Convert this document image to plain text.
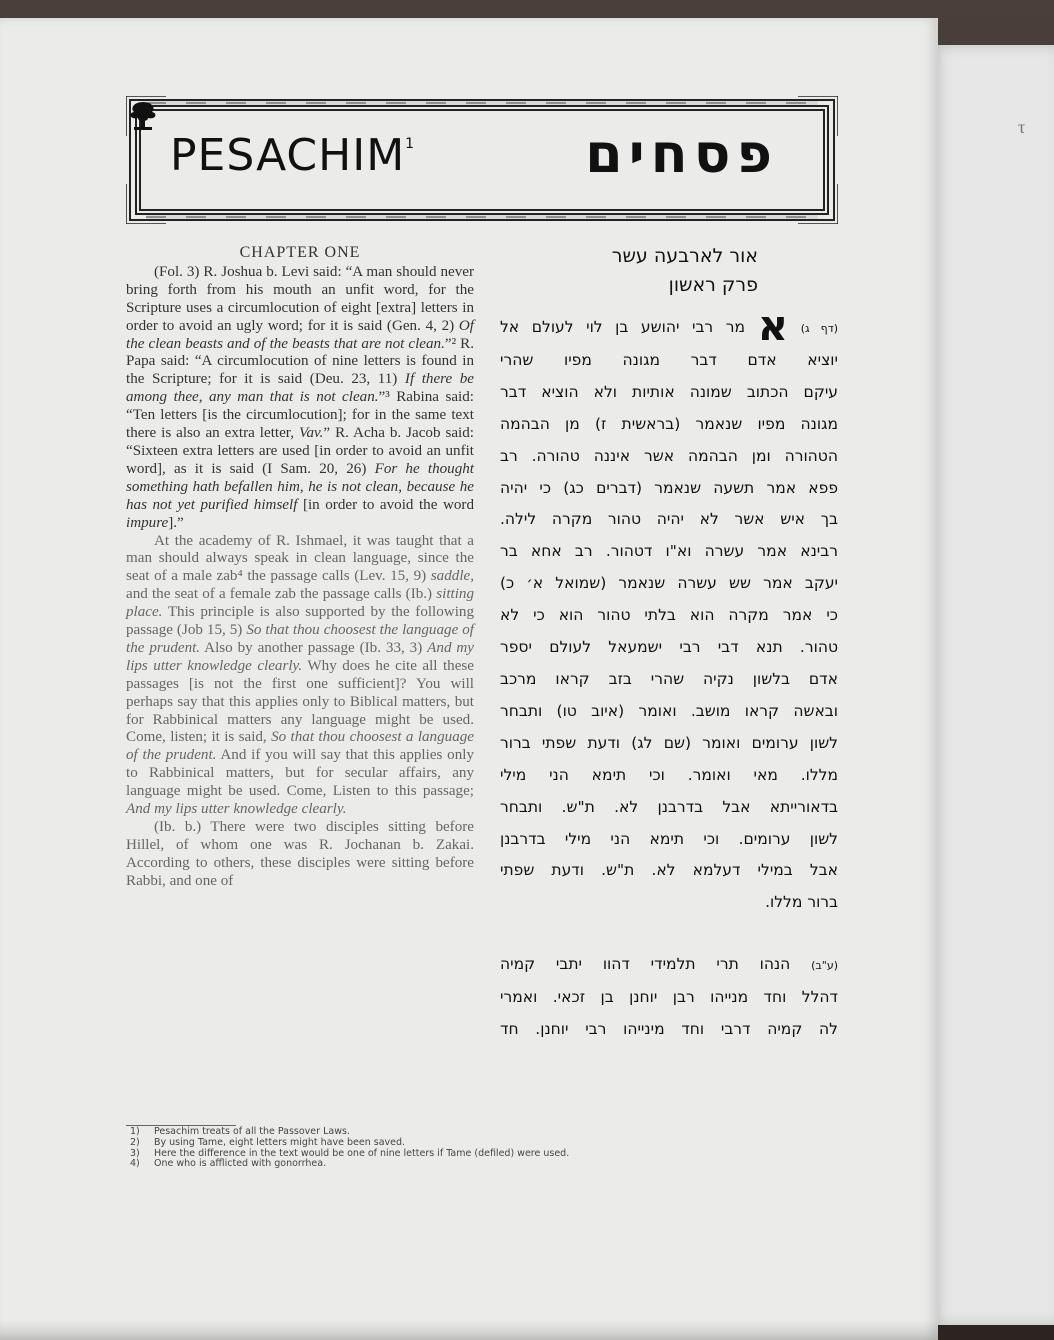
τ
PESACHIM$^1$	פסחים
CHAPTER ONE

(Fol. 3) R. Joshua b. Levi said: “A man should never bring forth from his mouth an unfit word, for the Scripture uses a circumlocution of eight [extra] letters in order to avoid an ugly word; for it is said (Gen. 4, 2) Of the clean beasts and of the beasts that are not clean.”² R. Papa said: “A circumlocution of nine letters is found in the Scripture; for it is said (Deu. 23, 11) If there be among thee, any man that is not clean.”³ Rabina said: “Ten letters [is the circumlocution]; for in the same text there is also an extra letter, Vav.” R. Acha b. Jacob said: “Sixteen extra letters are used [in order to avoid an unfit word], as it is said (I Sam. 20, 26) For he thought something hath befallen him, he is not clean, because he has not yet purified himself [in order to avoid the word impure].”

At the academy of R. Ishmael, it was taught that a man should always speak in clean language, since the seat of a male zab⁴ the passage calls (Lev. 15, 9) saddle, and the seat of a female zab the passage calls (Ib.) sitting place. This principle is also supported by the following passage (Job 15, 5) So that thou choosest the language of the prudent. Also by another passage (Ib. 33, 3) And my lips utter knowledge clearly. Why does he cite all these passages [is not the first one sufficient]? You will perhaps say that this applies only to Biblical matters, but for Rabbinical matters any language might be used. Come, listen; it is said, So that thou choosest a language of the prudent. And if you will say that this applies only to Rabbinical matters, but for secular affairs, any language might be used. Come, Listen to this passage; And my lips utter knowledge clearly.

(Ib. b.) There were two disciples sitting before Hillel, of whom one was R. Jochanan b. Zakai. According to others, these disciples were sitting before Rabbi, and one of

אור לארבעה עשר
פרק ראשון
(דף ג) א מר רבי יהושע בן לוי לעולם אל
יוציא אדם דבר מגונה מפיו שהרי
עיקם הכתוב שמונה אותיות ולא הוציא דבר
מגונה מפיו שנאמר (בראשית ז) מן הבהמה
הטהורה ומן הבהמה אשר איננה טהורה. רב
פפא אמר תשעה שנאמר (דברים כג) כי יהיה
בך איש אשר לא יהיה טהור מקרה לילה.
רבינא אמר עשרה וא"ו דטהור. רב אחא בר
יעקב אמר שש עשרה שנאמר (שמואל א׳ כ)
כי אמר מקרה הוא בלתי טהור הוא כי לא
טהור. תנא דבי רבי ישמעאל לעולם יספר
אדם בלשון נקיה שהרי בזב קראו מרכב
ובאשה קראו מושב. ואומר (איוב טו) ותבחר
לשון ערומים ואומר (שם לג) ודעת שפתי ברור
מללו. מאי ואומר. וכי תימא הני מילי
בדאורייתא אבל בדרבנן לא. ת"ש. ותבחר
לשון ערומים. וכי תימא הני מילי בדרבנן
אבל במילי דעלמא לא. ת"ש. ודעת שפתי
ברור מללו.
(ע"ב) הנהו תרי תלמידי דהוו יתבי קמיה
דהלל וחד מנייהו רבן יוחנן בן זכאי. ואמרי
לה קמיה דרבי וחד מינייהו רבי יוחנן. חד
1) Pesachim treats of all the Passover Laws.
2) By using Tame, eight letters might have been saved.
3) Here the difference in the text would be one of nine letters if Tame (defiled) were used.
4) One who is afflicted with gonorrhea.
